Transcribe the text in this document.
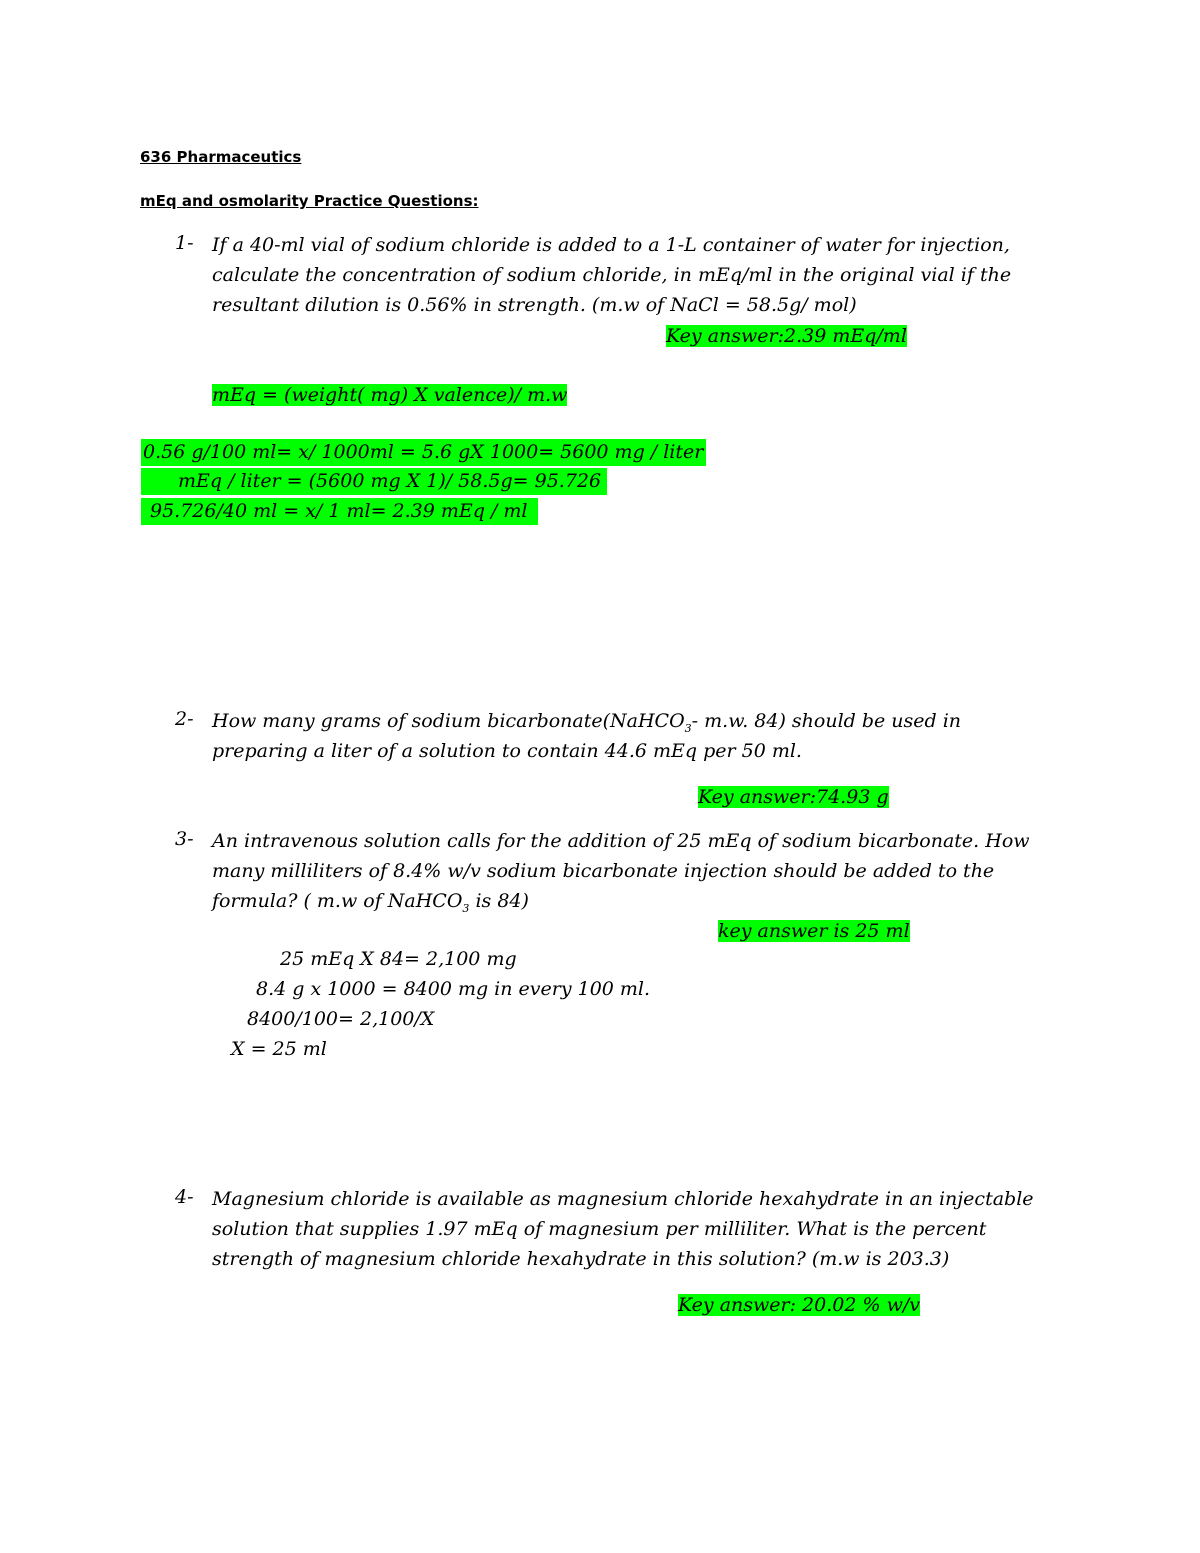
636 Pharmaceutics
mEq and osmolarity Practice Questions:
1- If a 40-ml vial of sodium chloride is added to a 1-L container of water for injection,
calculate the concentration of sodium chloride, in mEq/ml in the original vial if the
resultant dilution is 0.56% in strength. (m.w of NaCl = 58.5g/ mol)
Key answer:2.39 mEq/ml
mEq = (weight( mg) X valence)/ m.w
0.56 g/100 ml= x/ 1000ml = 5.6 gX 1000= 5600 mg / liter
mEq / liter = (5600 mg X 1)/ 58.5g= 95.726
95.726/40 ml = x/ 1 ml= 2.39 mEq / ml
2- How many grams of sodium bicarbonate(NaHCO$_3$- m.w. 84) should be used in
preparing a liter of a solution to contain 44.6 mEq per 50 ml.
Key answer:74.93 g
3- An intravenous solution calls for the addition of 25 mEq of sodium bicarbonate. How
many milliliters of 8.4% w/v sodium bicarbonate injection should be added to the
formula? ( m.w of NaHCO$_3$ is 84)
key answer is 25 ml
25 mEq X 84= 2,100 mg
8.4 g x 1000 = 8400 mg in every 100 ml.
8400/100= 2,100/X
X = 25 ml
4- Magnesium chloride is available as magnesium chloride hexahydrate in an injectable
solution that supplies 1.97 mEq of magnesium per milliliter. What is the percent
strength of magnesium chloride hexahydrate in this solution? (m.w is 203.3)
Key answer: 20.02 % w/v
